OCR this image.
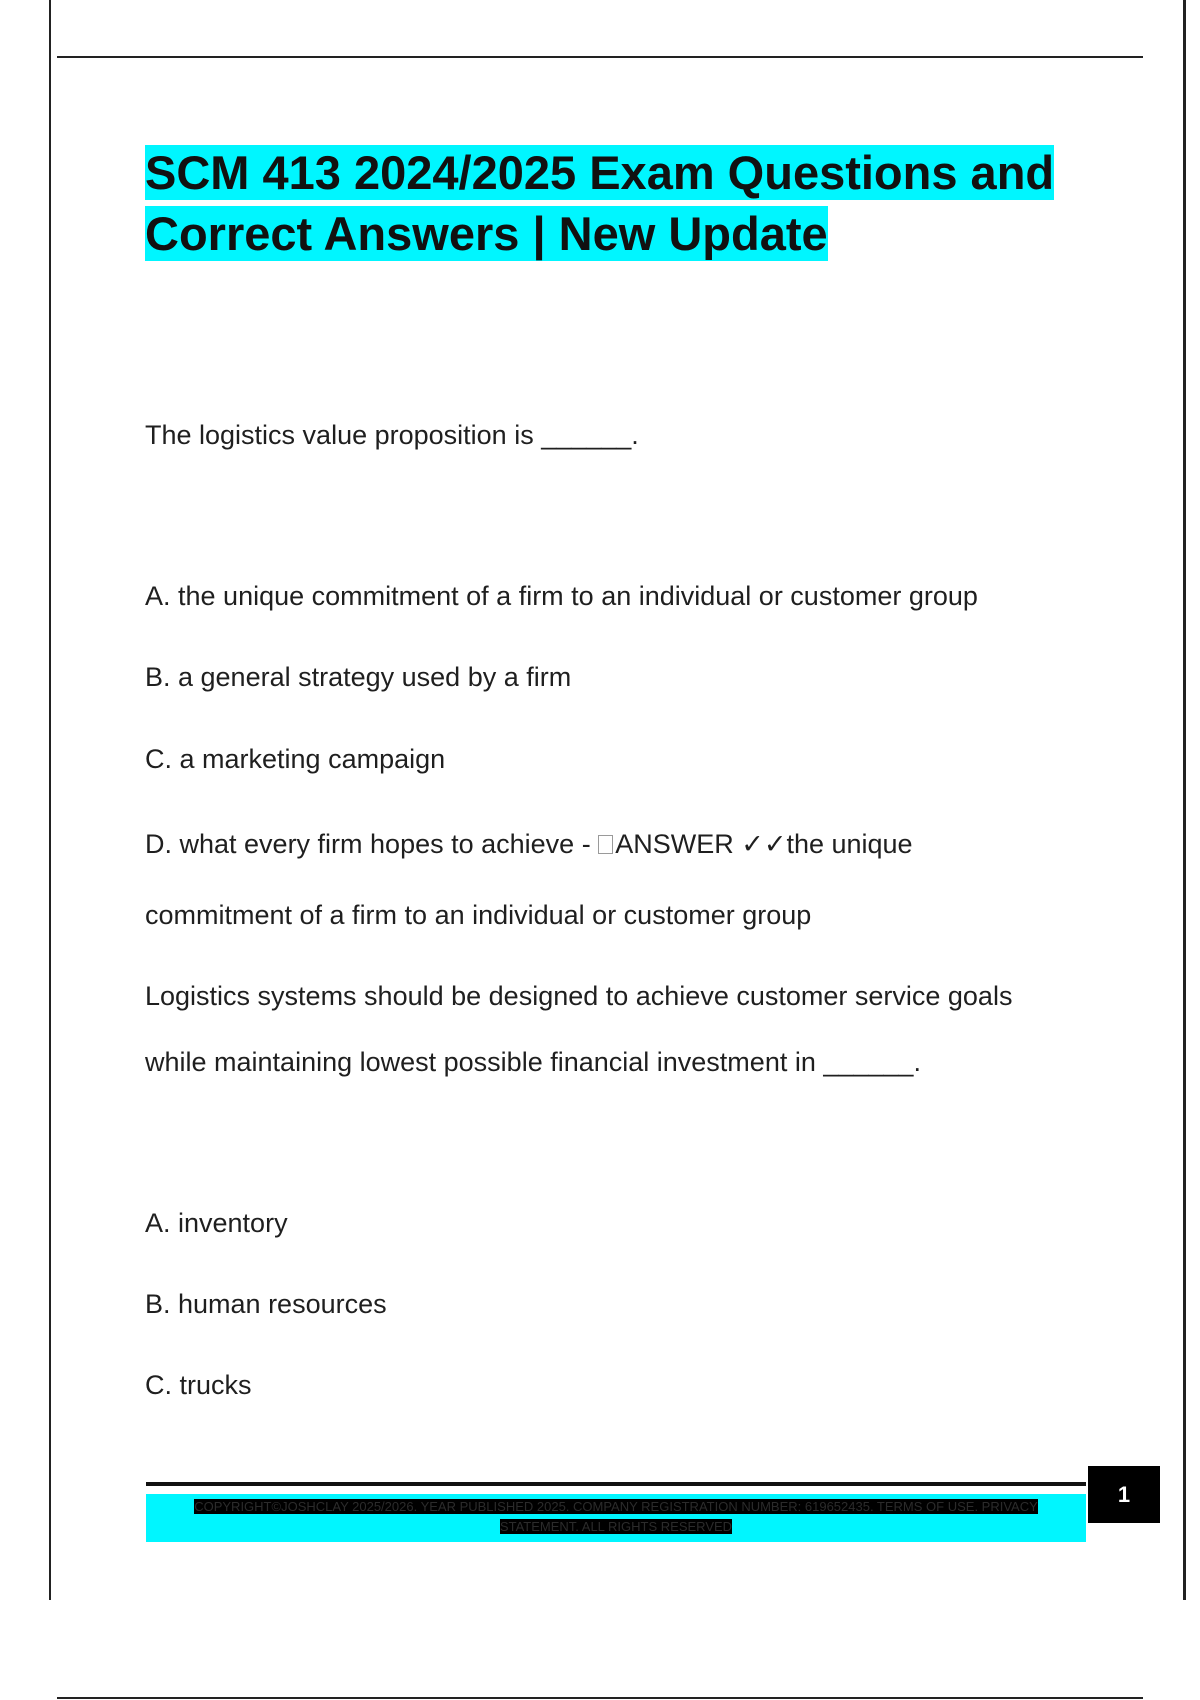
SCM 413 2024/2025 Exam Questions and
Correct Answers | New Update
The logistics value proposition is ______.
A. the unique commitment of a firm to an individual or customer group
B. a general strategy used by a firm
C. a marketing campaign
D. what every firm hopes to achieve - ANSWER ✓✓the unique
commitment of a firm to an individual or customer group
Logistics systems should be designed to achieve customer service goals
while maintaining lowest possible financial investment in ______.
A. inventory
B. human resources
C. trucks
1
COPYRIGHT©JOSHCLAY 2025/2026. YEAR PUBLISHED 2025. COMPANY REGISTRATION NUMBER: 619652435. TERMS OF USE. PRIVACY
STATEMENT. ALL RIGHTS RESERVED
